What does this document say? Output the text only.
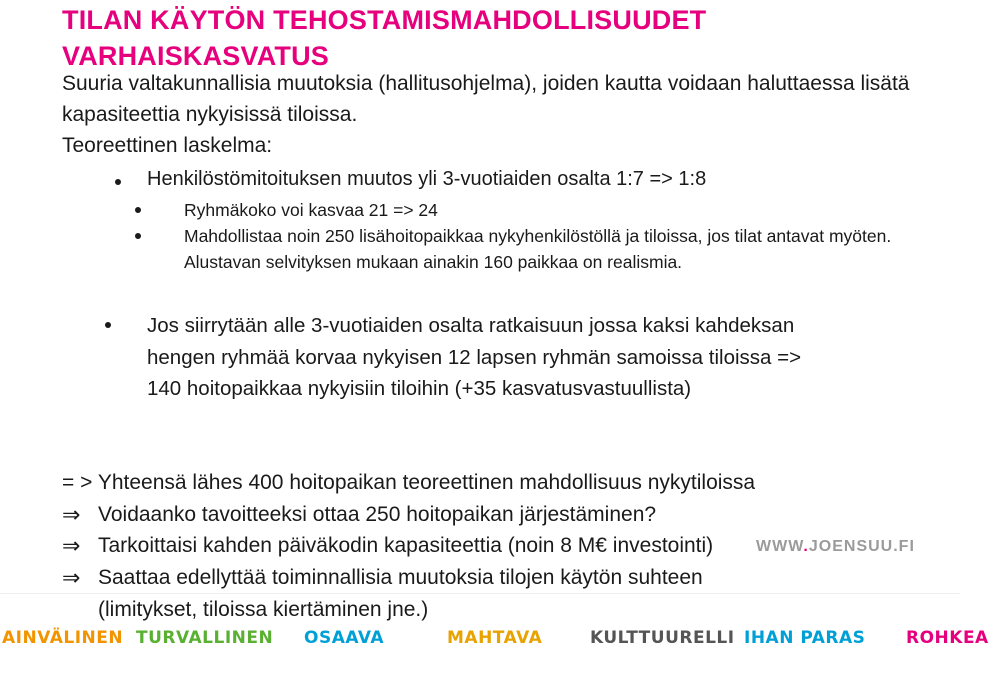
TILAN KÄYTÖN TEHOSTAMISMAHDOLLISUUDET
VARHAISKASVATUS
Suuria valtakunnallisia muutoksia (hallitusohjelma), joiden kautta voidaan haluttaessa lisätä kapasiteettia nykyisissä tiloissa.
Teoreettinen laskelma:
Henkilöstömitoituksen muutos yli 3-vuotiaiden osalta 1:7 => 1:8
Ryhmäkoko voi kasvaa 21 => 24
Mahdollistaa noin 250 lisähoitopaikkaa nykyhenkilöstöllä ja tiloissa, jos tilat antavat myöten. Alustavan selvityksen mukaan ainakin 160 paikkaa on realismia.
Jos siirrytään alle 3-vuotiaiden osalta ratkaisuun jossa kaksi kahdeksan hengen ryhmää korvaa nykyisen 12 lapsen ryhmän samoissa tiloissa => 140 hoitopaikkaa nykyisiin tiloihin (+35 kasvatusvastuullista)
= > Yhteensä lähes 400 hoitopaikan teoreettinen mahdollisuus nykytiloissa
⇒ Voidaanko tavoitteeksi ottaa 250 hoitopaikan järjestäminen?
⇒ Tarkoittaisi kahden päiväkodin kapasiteettia (noin 8 M€ investointi)	WWW.JOENSUU.FI
⇒ Saattaa edellyttää toiminnallisia muutoksia tilojen käytön suhteen
(limitykset, tiloissa kiertäminen jne.)
AINVÄLINEN TURVALLINEN OSAAVA	MAHTAVA	KULTTUURELLI IHAN PARAS ROHKEA
